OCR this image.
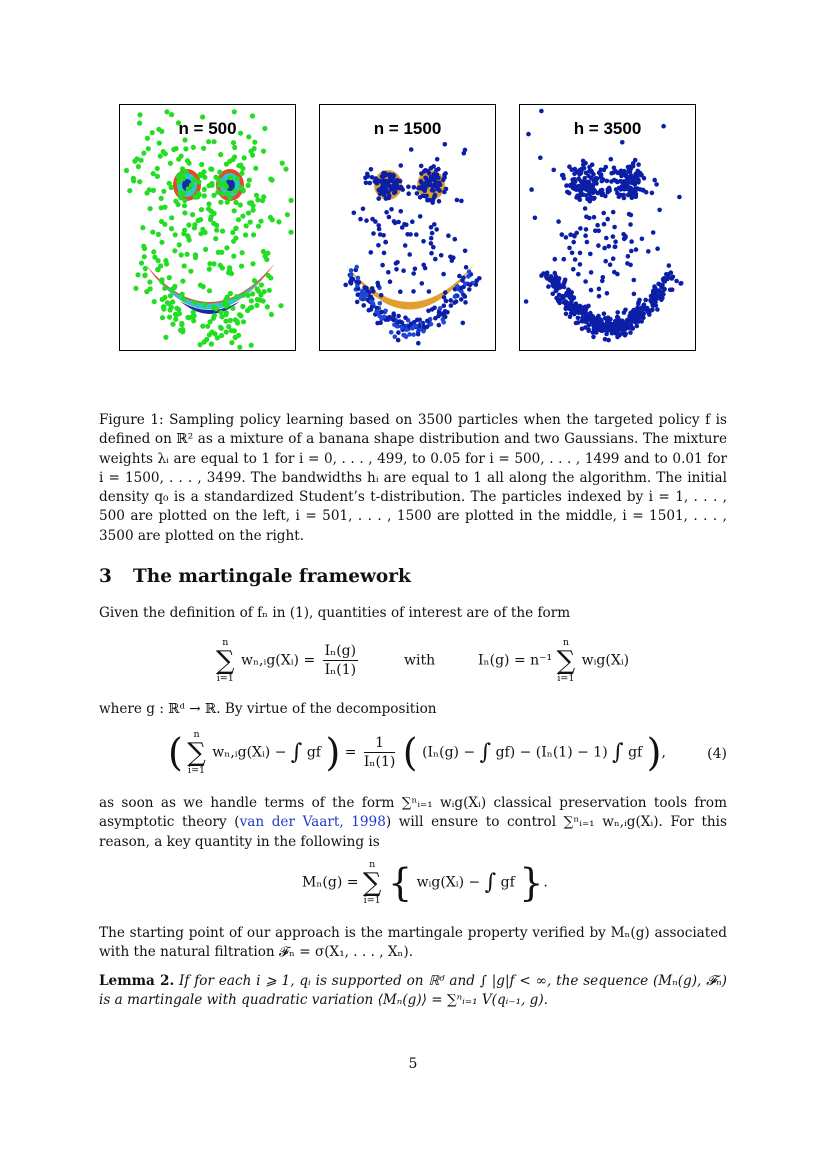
n = 500	n = 1500	h = 3500
Figure 1: Sampling policy learning based on 3500 particles when the targeted policy f is defined on ℝ² as a mixture of a banana shape distribution and two Gaussians. The mixture weights λᵢ are equal to 1 for i = 0, . . . , 499, to 0.05 for i = 500, . . . , 1499 and to 0.01 for i = 1500, . . . , 3499. The bandwidths hᵢ are equal to 1 all along the algorithm. The initial density q₀ is a standardized Student’s t-distribution. The particles indexed by i = 1, . . . , 500 are plotted on the left, i = 501, . . . , 1500 are plotted in the middle, i = 1501, . . . , 3500 are plotted on the right.
3 The martingale framework
Given the definition of fₙ in (1), quantities of interest are of the form
n
∑
i=1
wₙ,ᵢg(Xᵢ) = $\frac{\text{Iₙ(g)}}{\text{Iₙ(1)}}$	with	Iₙ(g) = n⁻¹
n
∑
i=1
wᵢg(Xᵢ)
where g : ℝᵈ → ℝ. By virtue of the decomposition
(	n
∑
i=1
wₙ,ᵢg(Xᵢ) − ∫ gf ) = $\frac{1}{\text{Iₙ(1)}}$ ( (Iₙ(g) − ∫ gf) − (Iₙ(1) − 1) ∫ gf ),	(4)
as soon as we handle terms of the form ∑ⁿᵢ₌₁ wᵢg(Xᵢ) classical preservation tools from asymptotic theory (van der Vaart, 1998) will ensure to control ∑ⁿᵢ₌₁ wₙ,ᵢg(Xᵢ). For this reason, a key quantity in the following is
Mₙ(g) =
n
∑
i=1 { wᵢg(Xᵢ) − ∫ gf }.
The starting point of our approach is the martingale property verified by Mₙ(g) associated with the natural filtration 𝓕ₙ = σ(X₁, . . . , Xₙ).
Lemma 2. If for each i ⩾ 1, qᵢ is supported on ℝᵈ and ∫ |g|f < ∞, the sequence (Mₙ(g), 𝓕ₙ) is a martingale with quadratic variation ⟨Mₙ(g)⟩ = ∑ⁿᵢ₌₁ V(qᵢ₋₁, g).
5
